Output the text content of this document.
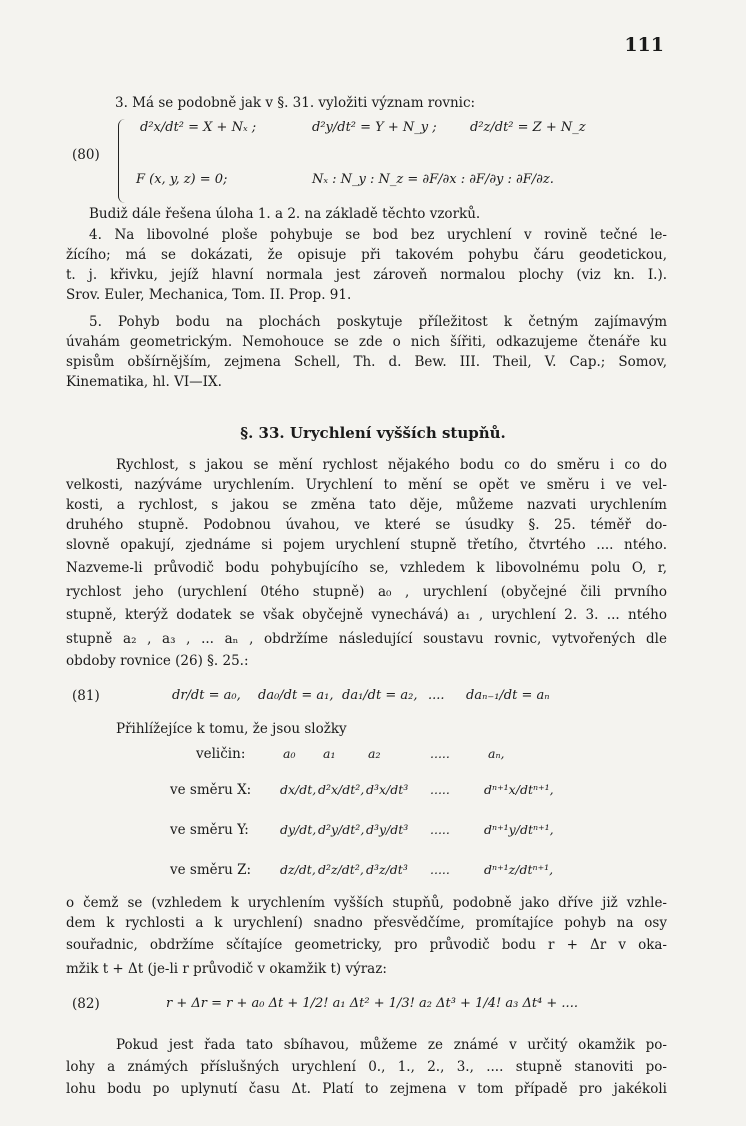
111
3. Má se podobně jak v §. 31. vyložiti význam rovnic:
(80)
d²x/dt² = X + Nₓ ;	d²y/dt² = Y + N_y ;	d²z/dt² = Z + N_z
F (x, y, z) = 0;	Nₓ : N_y : N_z = ∂F/∂x : ∂F/∂y : ∂F/∂z.
Budiž dále řešena úloha 1. a 2. na základě těchto vzorků.
4. Na libovolné ploše pohybuje se bod bez urychlení v rovině tečné le-
žícího; má se dokázati, že opisuje při takovém pohybu čáru geodetickou,
t. j. křivku, jejíž hlavní normala jest zároveň normalou plochy (viz kn. I.).
Srov. Euler, Mechanica, Tom. II. Prop. 91.
5. Pohyb bodu na plochách poskytuje příležitost k četným zajímavým
úvahám geometrickým. Nemohouce se zde o nich šířiti, odkazujeme čtenáře ku
spisům obšírnějším, zejmena Schell, Th. d. Bew. III. Theil, V. Cap.; Somov,
Kinematika, hl. VI—IX.
§. 33. Urychlení vyšších stupňů.
Rychlost, s jakou se mění rychlost nějakého bodu co do směru i co do
velkosti, nazýváme urychlením. Urychlení to mění se opět ve směru i ve vel-
kosti, a rychlost, s jakou se změna tato děje, můžeme nazvati urychlením
druhého stupně. Podobnou úvahou, ve které se úsudky §. 25. téměř do-
slovně opakují, zjednáme si pojem urychlení stupně třetího, čtvrtého .... ntého.
Nazveme-li průvodič bodu pohybujícího se, vzhledem k libovolnému polu O, r,
rychlost jeho (urychlení 0tého stupně) a₀ , urychlení (obyčejné čili prvního
stupně, kterýž dodatek se však obyčejně vynechává) a₁ , urychlení 2. 3. ... ntého
stupně a₂ , a₃ , ... aₙ , obdržíme následující soustavu rovnic, vytvořených dle
obdoby rovnice (26) §. 25.:
(81)	dr/dt = a₀, da₀/dt = a₁, da₁/dt = a₂, .... daₙ₋₁/dt = aₙ
Přihlížejíce k tomu, že jsou složky
veličin:	a₀ a₁	a₂	.....	aₙ,
ve směru X: dx/dt, d²x/dt², d³x/dt³ .....	dⁿ⁺¹x/dtⁿ⁺¹,
ve směru Y: dy/dt, d²y/dt², d³y/dt³ .....	dⁿ⁺¹y/dtⁿ⁺¹,
ve směru Z: dz/dt, d²z/dt², d³z/dt³ .....	dⁿ⁺¹z/dtⁿ⁺¹,
o čemž se (vzhledem k urychlením vyšších stupňů, podobně jako dříve již vzhle-
dem k rychlosti a k urychlení) snadno přesvědčíme, promítajíce pohyb na osy
souřadnic, obdržíme sčítajíce geometricky, pro průvodič bodu r + Δr v oka-
mžik t + Δt (je-li r průvodič v okamžik t) výraz:
(82)	r + Δr = r + a₀ Δt + 1/2! a₁ Δt² + 1/3! a₂ Δt³ + 1/4! a₃ Δt⁴ + ....
Pokud jest řada tato sbíhavou, můžeme ze známé v určitý okamžik po-
lohy a známých příslušných urychlení 0., 1., 2., 3., .... stupně stanoviti po-
lohu bodu po uplynutí času Δt. Platí to zejmena v tom případě pro jakékoli
